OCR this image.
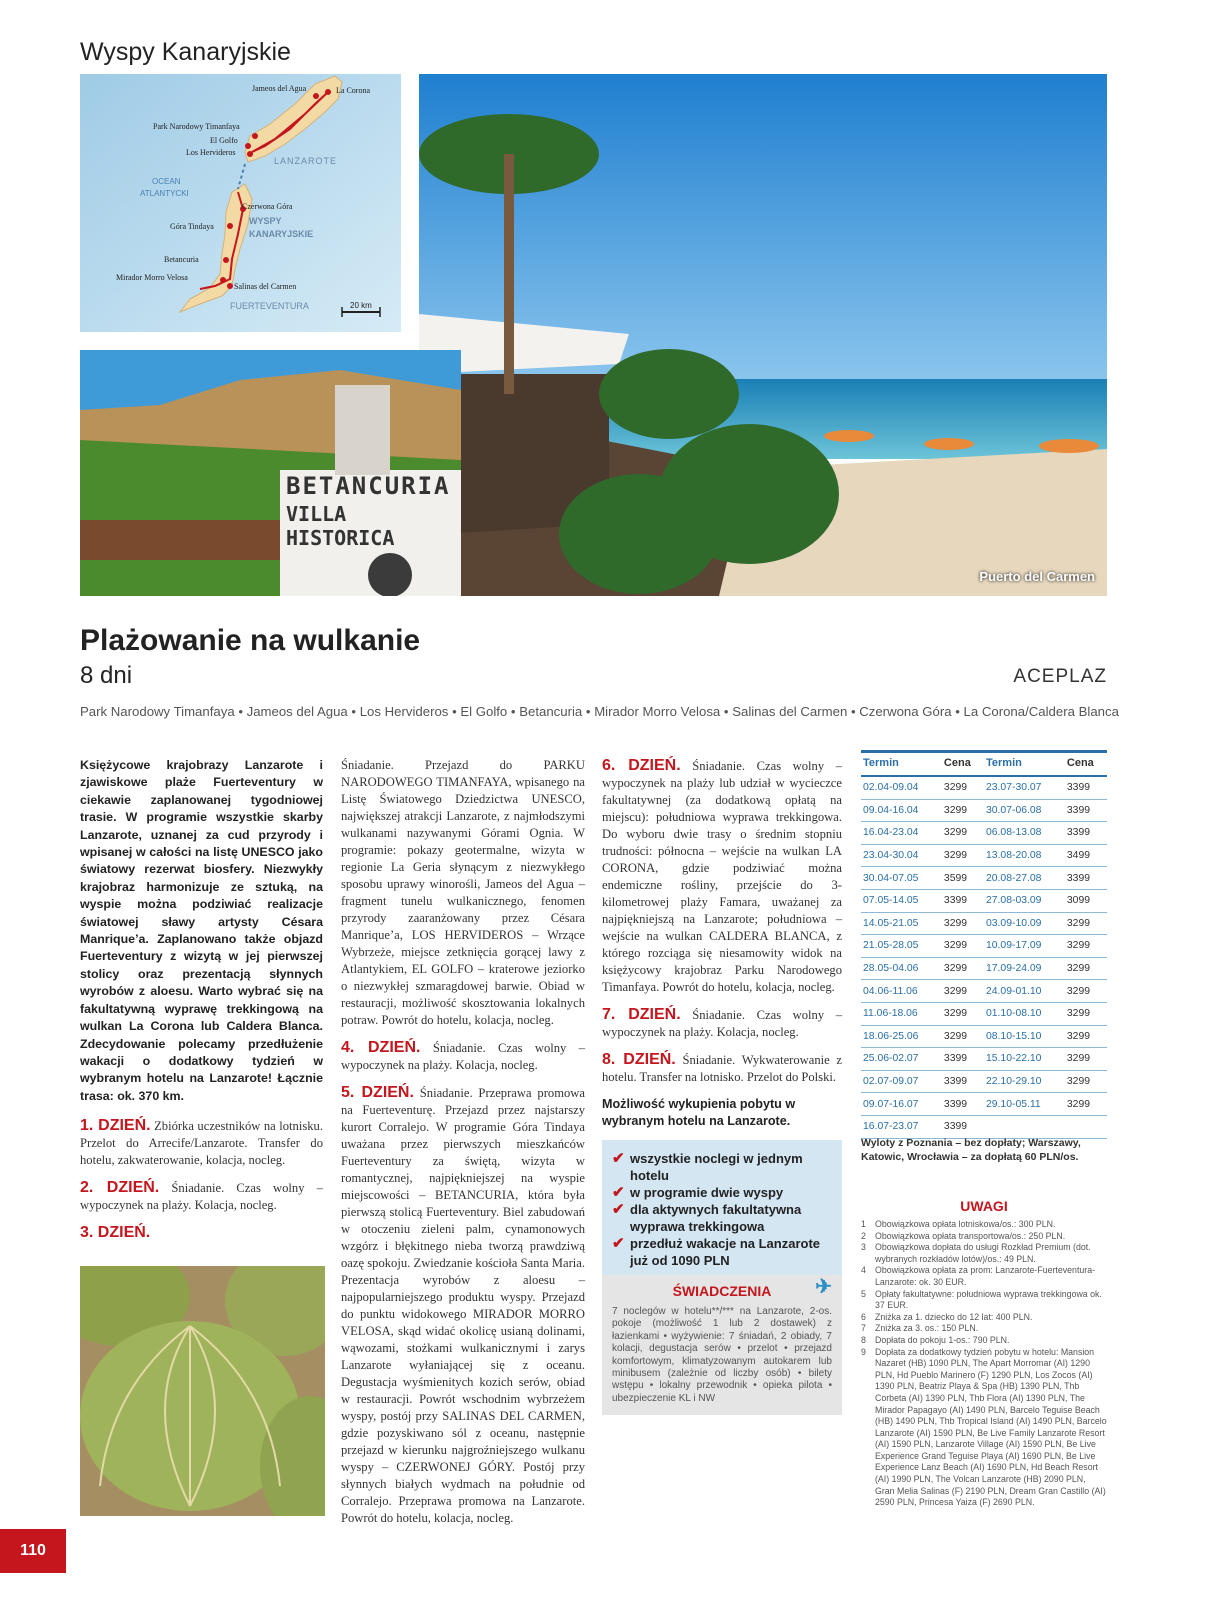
Wyspy Kanaryjskie
Jameos del Agua	La Corona
Park Narodowy Timanfaya
El Golfo
Los Hervideros
LANZAROTE
OCEAN
ATLANTYCKI
Czerwona Góra
WYSPY
KANARYJSKIE
Góra Tindaya
Betancuria
Mirador Morro Velosa
Salinas del Carmen
FUERTEVENTURA	20 km
Puerto del Carmen
BETANCURIA
VILLA HISTORICA
Plażowanie na wulkanie
8 dni	ACEPLAZ
Park Narodowy Timanfaya • Jameos del Agua • Los Hervideros • El Golfo • Betancuria • Mirador Morro Velosa • Salinas del Carmen • Czerwona Góra • La Corona/Caldera Blanca
Księżycowe krajobrazy Lanzarote i zjawiskowe plaże Fuerteventury w ciekawie zaplanowanej tygodniowej trasie. W programie wszystkie skarby Lanzarote, uznanej za cud przyrody i wpisanej w całości na listę UNESCO jako światowy rezerwat biosfery. Niezwykły krajobraz harmonizuje ze sztuką, na wyspie można podziwiać realizacje światowej sławy artysty Césara Manrique’a. Zaplanowano także objazd Fuerteventury z wizytą w jej pierwszej stolicy oraz prezentacją słynnych wyrobów z aloesu. Warto wybrać się na fakultatywną wyprawę trekkingową na wulkan La Corona lub Caldera Blanca. Zdecydowanie polecamy przedłużenie wakacji o dodatkowy tydzień w wybranym hotelu na Lanzarote! Łącznie trasa: ok. 370 km.
1. DZIEŃ. Zbiórka uczestników na lotnisku. Przelot do Arrecife/Lanzarote. Transfer do hotelu, zakwaterowanie, kolacja, nocleg.
2. DZIEŃ. Śniadanie. Czas wolny – wypoczynek na plaży. Kolacja, nocleg.
3. DZIEŃ.
Śniadanie. Przejazd do PARKU NARODOWEGO TIMANFAYA, wpisanego na Listę Światowego Dziedzictwa UNESCO, największej atrakcji Lanzarote, z najmłodszymi wulkanami nazywanymi Górami Ognia. W programie: pokazy geotermalne, wizyta w regionie La Geria słynącym z niezwykłego sposobu uprawy winorośli, Jameos del Agua – fragment tunelu wulkanicznego, fenomen przyrody zaaranżowany przez Césara Manrique’a, LOS HERVIDEROS – Wrzące Wybrzeże, miejsce zetknięcia gorącej lawy z Atlantykiem, EL GOLFO – kraterowe jeziorko o niezwykłej szmaragdowej barwie. Obiad w restauracji, możliwość skosztowania lokalnych potraw. Powrót do hotelu, kolacja, nocleg.
4. DZIEŃ. Śniadanie. Czas wolny – wypoczynek na plaży. Kolacja, nocleg.
5. DZIEŃ. Śniadanie. Przeprawa promowa na Fuerteventurę. Przejazd przez najstarszy kurort Corralejo. W programie Góra Tindaya uważana przez pierwszych mieszkańców Fuerteventury za świętą, wizyta w romantycznej, najpiękniejszej na wyspie miejscowości – BETANCURIA, która była pierwszą stolicą Fuerteventury. Biel zabudowań w otoczeniu zieleni palm, cynamonowych wzgórz i błękitnego nieba tworzą prawdziwą oazę spokoju. Zwiedzanie kościoła Santa Maria. Prezentacja wyrobów z aloesu – najpopularniejszego produktu wyspy. Przejazd do punktu widokowego MIRADOR MORRO VELOSA, skąd widać okolicę usianą dolinami, wąwozami, stożkami wulkanicznymi i zarys Lanzarote wyłaniającej się z oceanu. Degustacja wyśmienitych kozich serów, obiad w restauracji. Powrót wschodnim wybrzeżem wyspy, postój przy SALINAS DEL CARMEN, gdzie pozyskiwano sól z oceanu, następnie przejazd w kierunku najgroźniejszego wulkanu wyspy – CZERWONEJ GÓRY. Postój przy słynnych białych wydmach na południe od Corralejo. Przeprawa promowa na Lanzarote. Powrót do hotelu, kolacja, nocleg.
6. DZIEŃ. Śniadanie. Czas wolny – wypoczynek na plaży lub udział w wycieczce fakultatywnej (za dodatkową opłatą na miejscu): południowa wyprawa trekkingowa. Do wyboru dwie trasy o średnim stopniu trudności: północna – wejście na wulkan LA CORONA, gdzie podziwiać można endemiczne rośliny, przejście do 3-kilometrowej plaży Famara, uważanej za najpiękniejszą na Lanzarote; południowa – wejście na wulkan CALDERA BLANCA, z którego rozciąga się niesamowity widok na księżycowy krajobraz Parku Narodowego Timanfaya. Powrót do hotelu, kolacja, nocleg.
7. DZIEŃ. Śniadanie. Czas wolny – wypoczynek na plaży. Kolacja, nocleg.
8. DZIEŃ. Śniadanie. Wykwaterowanie z hotelu. Transfer na lotnisko. Przelot do Polski.
Możliwość wykupienia pobytu w wybranym hotelu na Lanzarote.
✔ wszystkie noclegi w jednym hotelu
✔ w programie dwie wyspy
✔ dla aktywnych fakultatywna wyprawa trekkingowa
✔ przedłuż wakacje na Lanzarote już od 1090 PLN
ŚWIADCZENIA ✈
7 noclegów w hotelu**/*** na Lanzarote, 2-os. pokoje (możliwość 1 lub 2 dostawek) z łazienkami • wyżywienie: 7 śniadań, 2 obiady, 7 kolacji, degustacja serów • przelot • przejazd komfortowym, klimatyzowanym autokarem lub minibusem (zależnie od liczby osób) • bilety wstępu • lokalny przewodnik • opieka pilota • ubezpieczenie KL i NW
Termin	Cena	Termin	Cena
02.04-09.04	3299	23.07-30.07	3399
09.04-16.04	3299	30.07-06.08	3399
16.04-23.04	3299	06.08-13.08	3399
23.04-30.04	3299	13.08-20.08	3499
30.04-07.05	3599	20.08-27.08	3399
07.05-14.05	3399	27.08-03.09	3099
14.05-21.05	3299	03.09-10.09	3299
21.05-28.05	3299	10.09-17.09	3299
28.05-04.06	3299	17.09-24.09	3299
04.06-11.06	3299	24.09-01.10	3299
11.06-18.06	3299	01.10-08.10	3299
18.06-25.06	3299	08.10-15.10	3299
25.06-02.07	3399	15.10-22.10	3299
02.07-09.07	3399	22.10-29.10	3299
09.07-16.07	3399	29.10-05.11	3299
16.07-23.07	3399		
Wyloty z Poznania – bez dopłaty; Warszawy, Katowic, Wrocławia – za dopłatą 60 PLN/os.
UWAGI
1 Obowiązkowa opłata lotniskowa/os.: 300 PLN.
2 Obowiązkowa opłata transportowa/os.: 250 PLN.
3 Obowiązkowa dopłata do usługi Rozkład Premium (dot. wybranych rozkładów lotów)/os.: 49 PLN.
4 Obowiązkowa opłata za prom: Lanzarote-Fuerteventura-Lanzarote: ok. 30 EUR.
5 Opłaty fakultatywne: południowa wyprawa trekkingowa ok. 37 EUR.
6 Zniżka za 1. dziecko do 12 lat: 400 PLN.
7 Zniżka za 3. os.: 150 PLN.
8 Dopłata do pokoju 1-os.: 790 PLN.
9 Dopłata za dodatkowy tydzień pobytu w hotelu: Mansion Nazaret (HB) 1090 PLN, The Apart Morromar (AI) 1290 PLN, Hd Pueblo Marinero (F) 1290 PLN, Los Zocos (AI) 1390 PLN, Beatriz Playa & Spa (HB) 1390 PLN, Thb Corbeta (AI) 1390 PLN, Thb Flora (AI) 1390 PLN, The Mirador Papagayo (AI) 1490 PLN, Barcelo Teguise Beach (HB) 1490 PLN, Thb Tropical Island (AI) 1490 PLN, Barcelo Lanzarote (AI) 1590 PLN, Be Live Family Lanzarote Resort (AI) 1590 PLN, Lanzarote Village (AI) 1590 PLN, Be Live Experience Grand Teguise Playa (AI) 1690 PLN, Be Live Experience Lanz Beach (AI) 1690 PLN, Hd Beach Resort (AI) 1990 PLN, The Volcan Lanzarote (HB) 2090 PLN, Gran Melia Salinas (F) 2190 PLN, Dream Gran Castillo (AI) 2590 PLN, Princesa Yaiza (F) 2690 PLN.
110
